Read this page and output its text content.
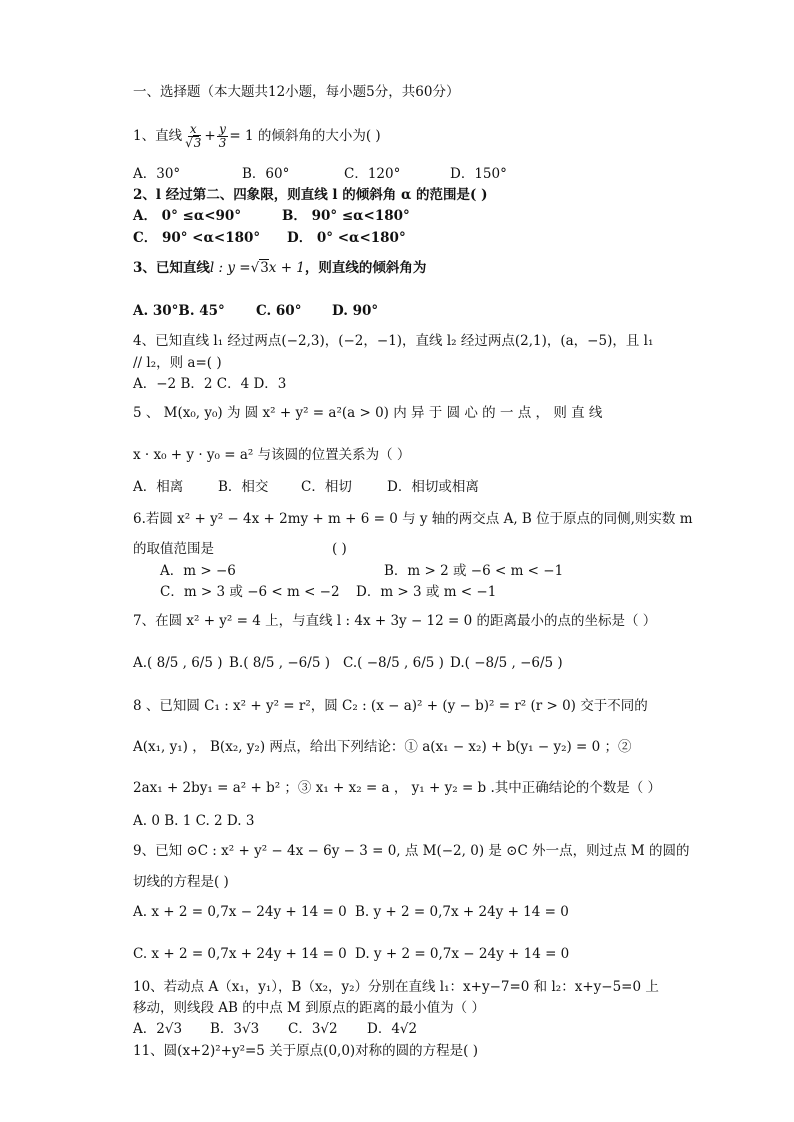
一、选择题（本大题共12小题，每小题5分，共60分）
1、直线 $\frac{x}{√3} + \frac{y}{3} = 1$ 的倾斜角的大小为( )
A．30°	B．60°	C．120°	D．150°
2、l 经过第二、四象限，则直线 l 的倾斜角 α 的范围是( )
A． 0° ≤α<90°	B． 90° ≤α<180°
C． 90° <α<180° D． 0° <α<180°
3、已知直线 l : y = √3 x + 1 ，则直线的倾斜角为
A. 30°B. 45° C. 60° D. 90°
4、已知直线 l₁ 经过两点(−2,3)，(−2，−1)，直线 l₂ 经过两点(2,1)，(a，−5)，且 l₁
// l₂，则 a=( )
A．−2 B．2 C．4 D．3
5 、 M(x₀, y₀) 为 圆 x² + y² = a²(a > 0) 内 异 于 圆 心 的 一 点 ， 则 直 线
x · x₀ + y · y₀ = a² 与该圆的位置关系为（ ）
A．相离	B．相交 C．相切	D．相切或相离
6.若圆 x² + y² − 4x + 2my + m + 6 = 0 与 y 轴的两交点 A, B 位于原点的同侧,则实数 m
的取值范围是	( )
A．m > −6	B．m > 2 或 −6 < m < −1
C．m > 3 或 −6 < m < −2 D．m > 3 或 m < −1
7、在圆 x² + y² = 4 上，与直线 l : 4x + 3y − 12 = 0 的距离最小的点的坐标是（ ）
A.( 8/5 , 6/5 ) B.( 8/5 , −6/5 ) C.( −8/5 , 6/5 ) D.( −8/5 , −6/5 )
8 、已知圆 C₁ : x² + y² = r²，圆 C₂ : (x − a)² + (y − b)² = r² (r > 0) 交于不同的
A(x₁, y₁) ， B(x₂, y₂) 两点，给出下列结论：① a(x₁ − x₂) + b(y₁ − y₂) = 0 ；②
2ax₁ + 2by₁ = a² + b² ；③ x₁ + x₂ = a ， y₁ + y₂ = b .其中正确结论的个数是（ ）
A. 0 B. 1 C. 2 D. 3
9、已知 ⊙C : x² + y² − 4x − 6y − 3 = 0, 点 M(−2, 0) 是 ⊙C 外一点，则过点 M 的圆的
切线的方程是( )
A. x + 2 = 0,7x − 24y + 14 = 0 B. y + 2 = 0,7x + 24y + 14 = 0
C. x + 2 = 0,7x + 24y + 14 = 0 D. y + 2 = 0,7x − 24y + 14 = 0
10、若动点 A（x₁，y₁），B（x₂，y₂）分别在直线 l₁：x+y−7=0 和 l₂：x+y−5=0 上
移动，则线段 AB 的中点 M 到原点的距离的最小值为（ ）
A．2√3 B．3√3 C．3√2 D．4√2
11、圆(x+2)²+y²=5 关于原点(0,0)对称的圆的方程是( )
